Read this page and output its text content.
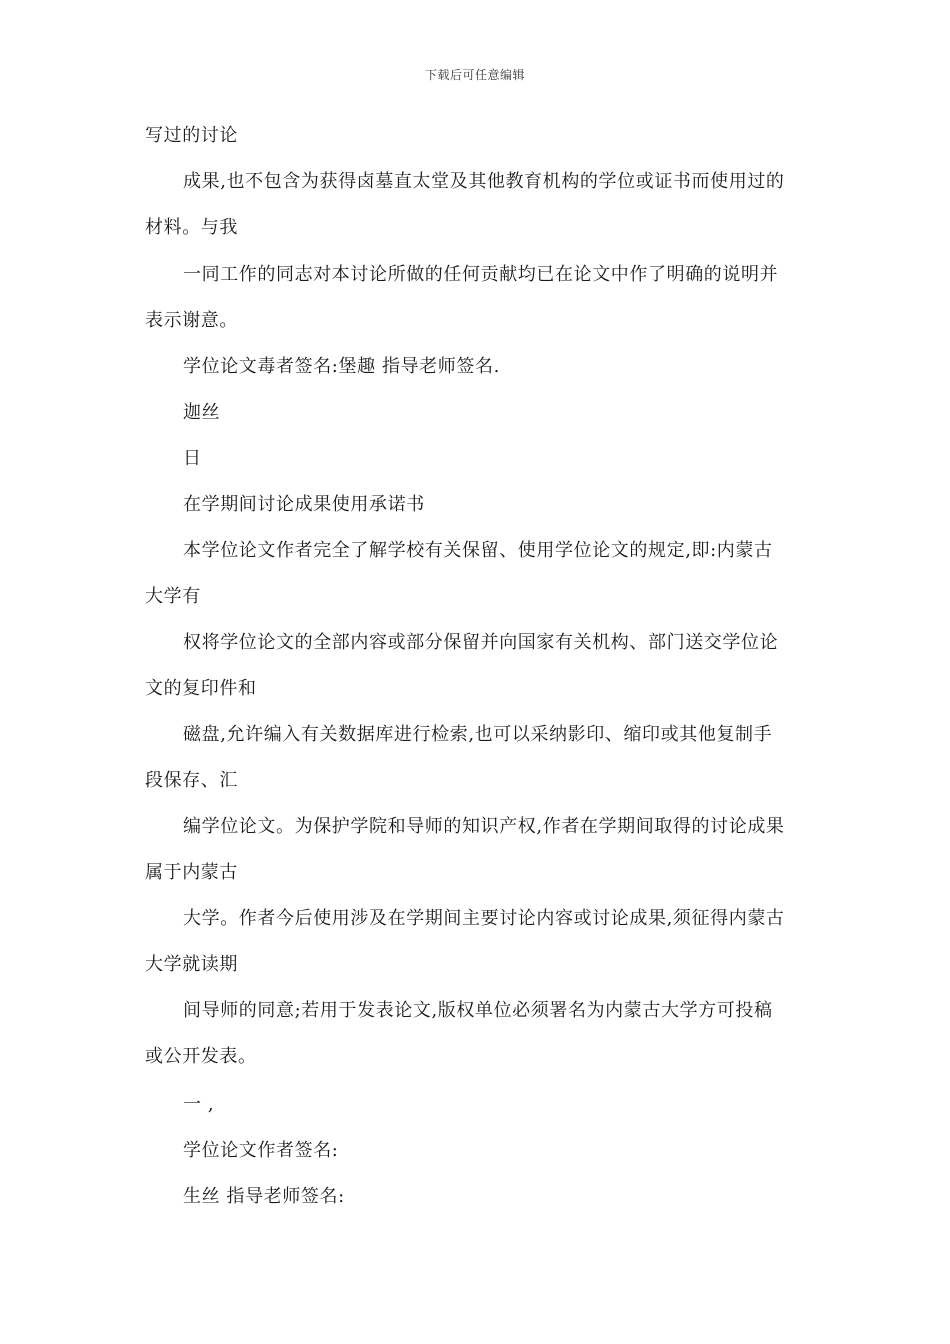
下载后可任意编辑
写过的讨论
成果,也不包含为获得卤墓直太堂及其他教育机构的学位或证书而使用过的
材料。与我
一同工作的同志对本讨论所做的任何贡献均已在论文中作了明确的说明并
表示谢意。
学位论文毒者签名:堡趣 指导老师签名.
迦丝
日
在学期间讨论成果使用承诺书
本学位论文作者完全了解学校有关保留、使用学位论文的规定,即:内蒙古
大学有
权将学位论文的全部内容或部分保留并向国家有关机构、部门送交学位论
文的复印件和
磁盘,允许编入有关数据库进行检索,也可以采纳影印、缩印或其他复制手
段保存、汇
编学位论文。为保护学院和导师的知识产权,作者在学期间取得的讨论成果
属于内蒙古
大学。作者今后使用涉及在学期间主要讨论内容或讨论成果,须征得内蒙古
大学就读期
间导师的同意;若用于发表论文,版权单位必须署名为内蒙古大学方可投稿
或公开发表。
一 ,
学位论文作者签名:
生丝 指导老师签名:
